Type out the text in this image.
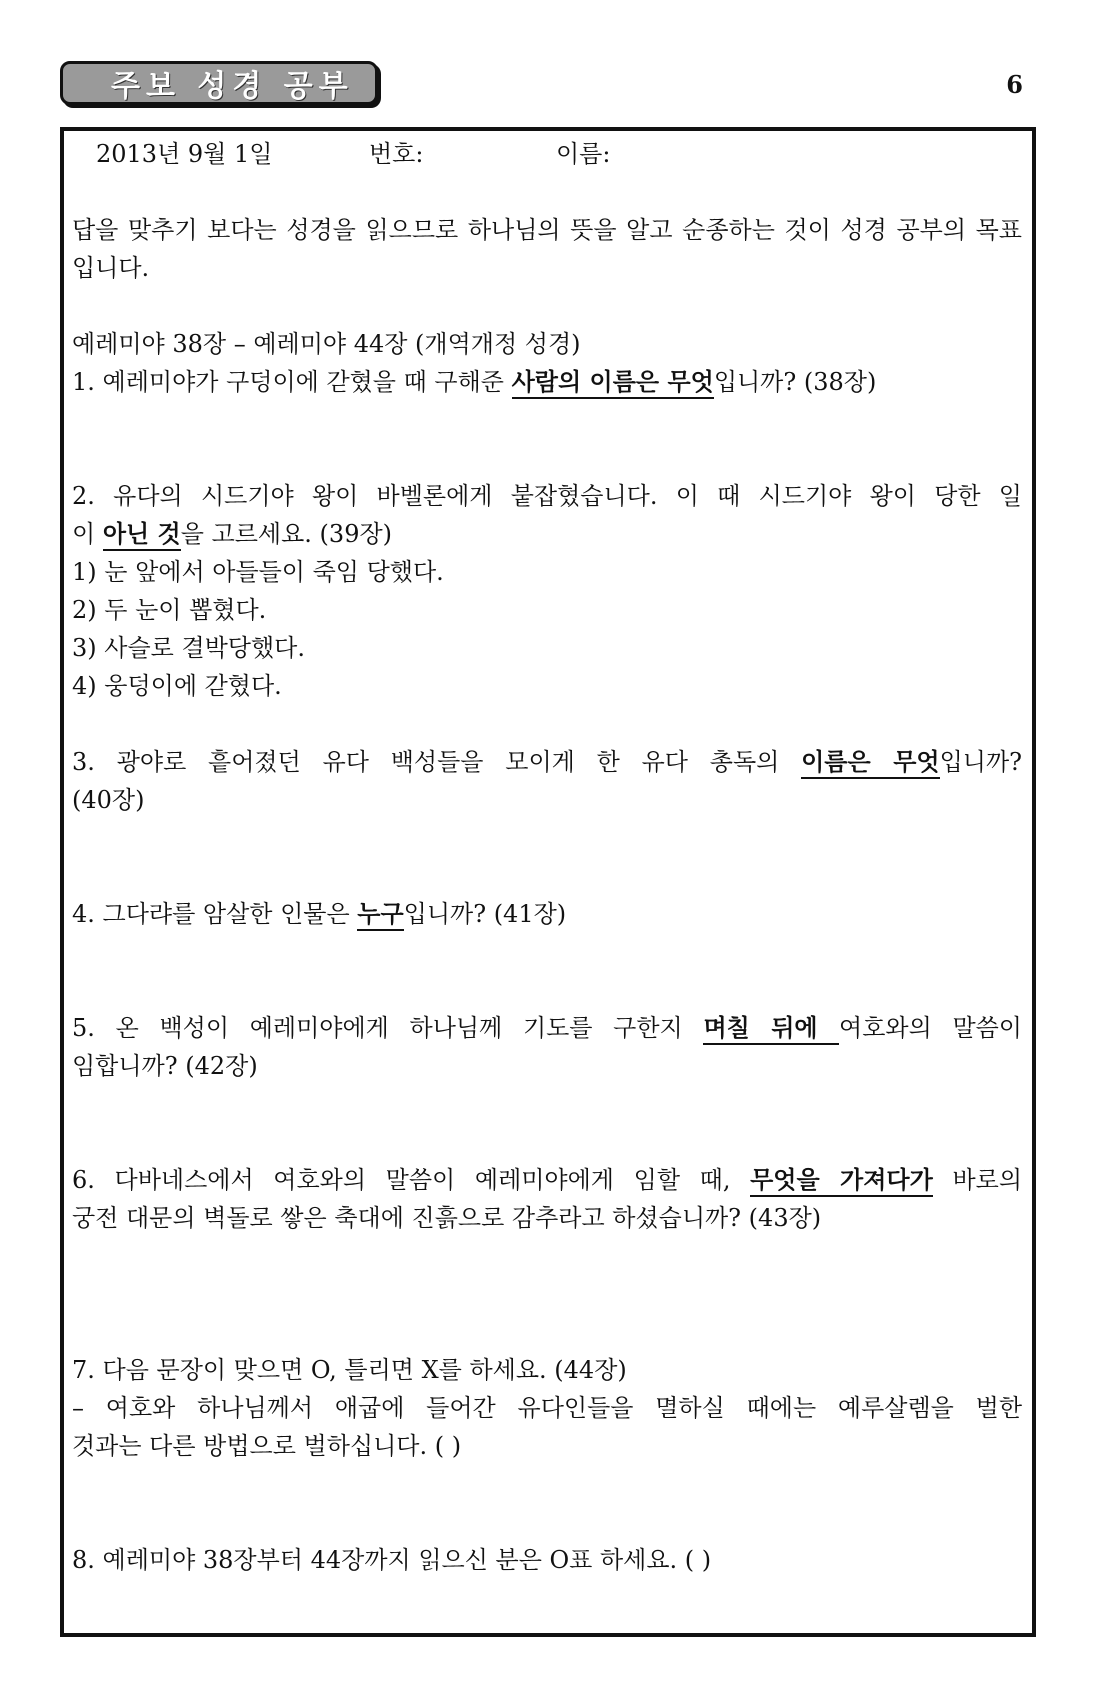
주보 성경 공부	6
2013년 9월 1일	번호:	이름:

답을 맞추기 보다는 성경을 읽으므로 하나님의 뜻을 알고 순종하는 것이 성경 공부의 목표

입니다.

예레미야 38장 – 예레미야 44장 (개역개정 성경)

1. 예레미야가 구덩이에 갇혔을 때 구해준 사람의 이름은 무엇입니까? (38장)

2. 유다의 시드기야 왕이 바벨론에게 붙잡혔습니다. 이 때 시드기야 왕이 당한 일

이 아닌 것을 고르세요. (39장)

1) 눈 앞에서 아들들이 죽임 당했다.

2) 두 눈이 뽑혔다.

3) 사슬로 결박당했다.

4) 웅덩이에 갇혔다.

3. 광야로 흩어졌던 유다 백성들을 모이게 한 유다 총독의 이름은 무엇입니까?

(40장)

4. 그다랴를 암살한 인물은 누구입니까? (41장)

5. 온 백성이 예레미야에게 하나님께 기도를 구한지 며칠 뒤에 여호와의 말씀이

임합니까? (42장)

6. 다바네스에서 여호와의 말씀이 예레미야에게 임할 때, 무엇을 가져다가 바로의

궁전 대문의 벽돌로 쌓은 축대에 진흙으로 감추라고 하셨습니까? (43장)

7. 다음 문장이 맞으면 O, 틀리면 X를 하세요. (44장)

– 여호와 하나님께서 애굽에 들어간 유다인들을 멸하실 때에는 예루살렘을 벌한

것과는 다른 방법으로 벌하십니다. ( )

8. 예레미야 38장부터 44장까지 읽으신 분은 O표 하세요. ( )
